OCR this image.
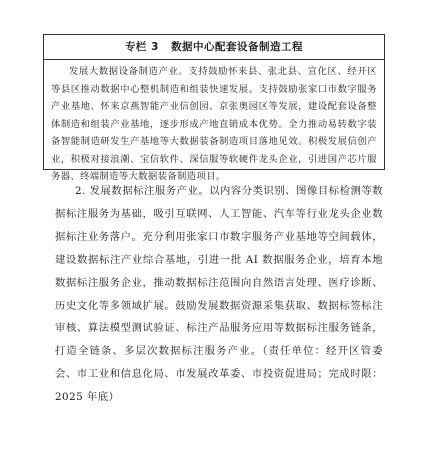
专栏 3 数据中心配套设备制造工程

发展大数据设备制造产业。支持鼓励怀来县、张北县、宣化区、经开区等县区推动数据中心整机制造和组装快速发展。支持鼓励张家口市数字服务产业基地、怀来京燕智能产业信创园、京张奥园区等发展，建设配套设备整体制造和组装产业基地，逐步形成产地直销成本优势。全力推动易转数字装备智能制造研发生产基地等大数据装备制造项目落地见效。积极发展信创产业，积极对接浪潮、宝信软件、深信服等软硬件龙头企业，引进国产芯片服务器、终端制造等大数据装备制造项目。

2. 发展数据标注服务产业。以内容分类识别、图像目标检测等数据标注服务为基础，吸引互联网、人工智能、汽车等行业龙头企业数据标注业务落户。充分利用张家口市数字服务产业基地等空间载体，建设数据标注产业综合基地，引进一批 AI 数据服务企业，培育本地数据标注服务企业，推动数据标注范围向自然语言处理、医疗诊断、历史文化等多领域扩展。鼓励发展数据资源采集获取、数据标签标注审核、算法模型测试验证、标注产品服务应用等数据标注服务链条，打造全链条、多层次数据标注服务产业。（责任单位：经开区管委会、市工业和信息化局、市发展改革委、市投资促进局；完成时限：2025 年底）
